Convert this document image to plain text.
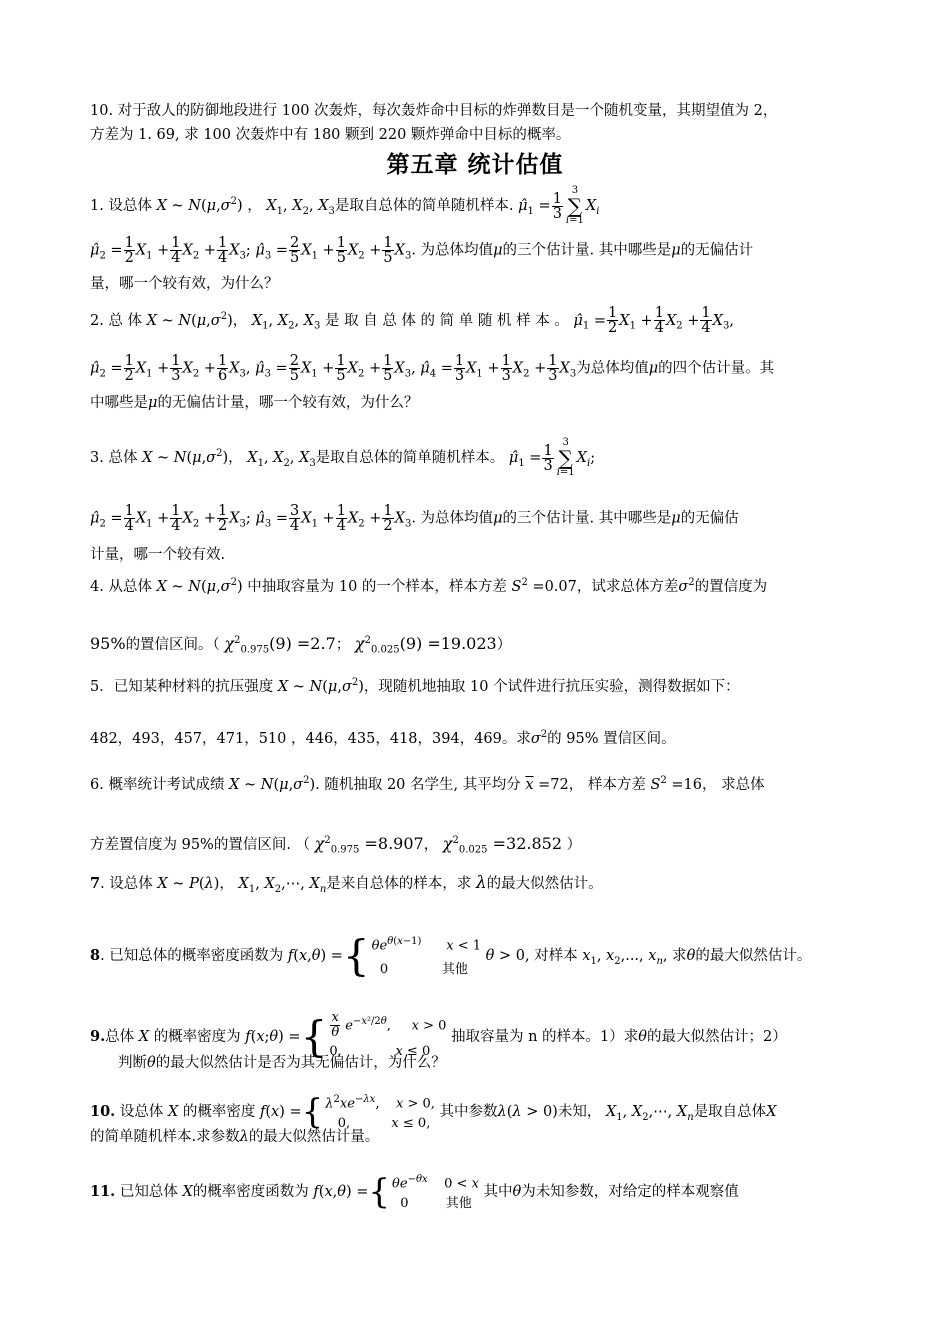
10. 对于敌人的防御地段进行 100 次轰炸，每次轰炸命中目标的炸弹数目是一个随机变量，其期望值为 2，
方差为 1. 69, 求 100 次轰炸中有 180 颗到 220 颗炸弹命中目标的概率。
第五章 统计估值
1. 设总体 X ~ $N(\mu,\sigma^2)$ ， $X_1$, $X_2$, $X_3$是取自总体的简单随机样本. $\mû_1 = \frac{1}{3}$
3
∑
$i=1X_i$
$\mû_2 = \frac{1}{2} X_1 + \frac{1}{4} X_2 + \frac{1}{4} X_3$; $\mû_3 = \frac{2}{5} X_1 + \frac{1}{5} X_2 + \frac{1}{5} X_3$. 为总体均值μ的三个估计量. 其中哪些是μ的无偏估计
量，哪一个较有效，为什么？
2. 总 体 X ~ $N(\mu,\sigma^2)$， $X_1$, $X_2$, $X_3$ 是 取 自 总 体 的 简 单 随 机 样 本 。 $\mû_1 = \frac{1}{2} X_1 + \frac{1}{4} X_2 + \frac{1}{4} X_3$,
$\mû_2 = \frac{1}{2} X_1 + \frac{1}{3} X_2 + \frac{1}{6} X_3$, $\mû_3 = \frac{2}{5} X_1 + \frac{1}{5} X_2 + \frac{1}{5} X_3$, $\mû_4 = \frac{1}{3} X_1 + \frac{1}{3} X_2 + \frac{1}{3} X_3$为总体均值μ的四个估计量。其
中哪些是μ的无偏估计量，哪一个较有效，为什么？
3. 总体 X ~ $N(\mu,\sigma^2)$， $X_1$, $X_2$, $X_3$是取自总体的简单随机样本。 $\mû_1 = \frac{1}{3}$
3
∑
$i=1X_i$;
$\mû_2 = \frac{1}{4} X_1 + \frac{1}{4} X_2 + \frac{1}{2} X_3$; $\mû_3 = \frac{3}{4} X_1 + \frac{1}{4} X_2 + \frac{1}{2} X_3$. 为总体均值μ的三个估计量. 其中哪些是μ的无偏估
计量，哪一个较有效.
4. 从总体 X ~ $N(\mu,\sigma^2)$ 中抽取容量为 10 的一个样本，样本方差 $S^2 =0.07$，试求总体方差$\sigma^2$的置信度为
95%的置信区间。（ $\chi^2_{0.975}(9) =2.7$； $\chi^2_{0.025}(9) =19.023$）
5．已知某种材料的抗压强度 X ~ $N(\mu,\sigma^2)$，现随机地抽取 10 个试件进行抗压实验，测得数据如下：
482，493，457，471，510 ，446，435，418，394，469。求$\sigma^2$的 95% 置信区间。
6. 概率统计考试成绩 X ~ $N(\mu,\sigma^2)$. 随机抽取 20 名学生, 其平均分 $\overline{x} =72$， 样本方差 $S^2 =16$， 求总体
方差置信度为 95%的置信区间. （ $\chi^2_{0.975} =8.907$， $\chi^2_{0.025} =32.852$ ）
7. 设总体 X ~ P(λ)， $X_1$, $X_2,\cdots$, $X_n$是来自总体的样本，求 λ的最大似然估计。
8. 已知总体的概率密度函数为 f(x,θ) ={ $\theta e^{\theta(x-1)}$ x < 1
0             其他
θ > 0, 对样本 $x_1$, $x_2$,..., $x_n$, 求θ的最大似然估计。
9.总体 X 的概率密度为 f(x;θ) ={ $\frac{x}{\theta} e^{-x^2/2\theta}$,     x > 0
0,             x ≤ 0
抽取容量为 n 的样本。1）求θ的最大似然估计；2）
判断θ的最大似然估计是否为其无偏估计，为什么？
10. 设总体 X 的概率密度 f(x) ={ $\lambda^2xe^{-\lambda x}$,    x > 0,
0,          x ≤ 0,
其中参数λ(λ > 0)未知， $X_1$, $X_2,\cdots$, $X_n$是取自总体X
的简单随机样本.求参数λ的最大似然估计量。
11. 已知总体 X的概率密度函数为 f(x,θ) ={ $\theta e^{-\theta x}$    0 < x
0         其他
其中θ为未知参数，对给定的样本观察值
